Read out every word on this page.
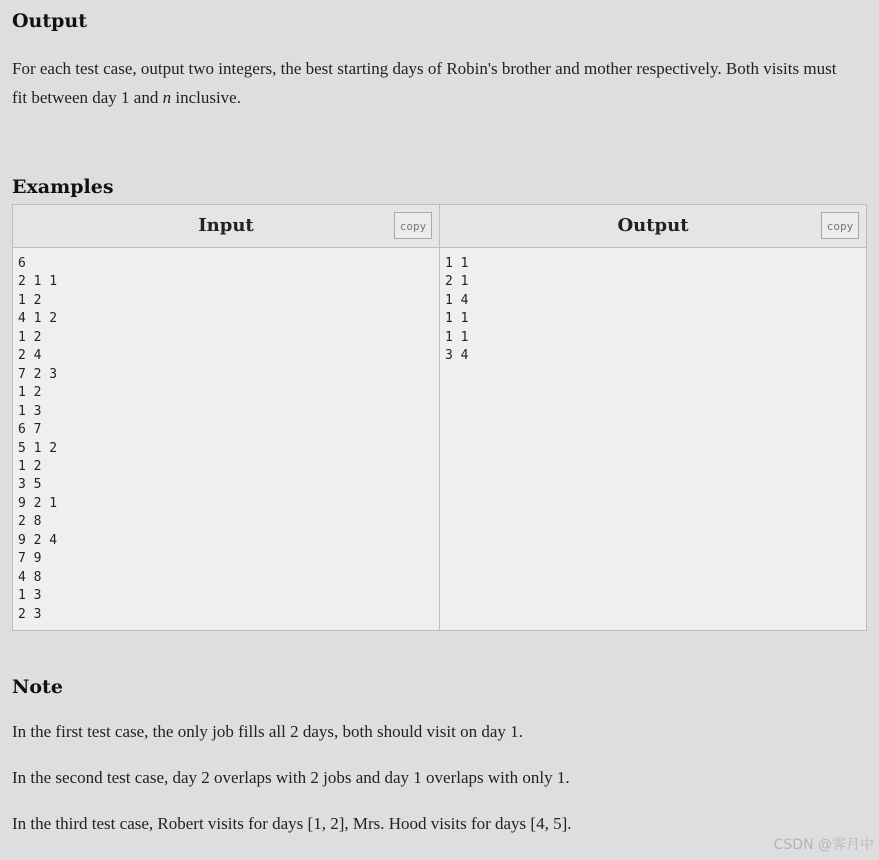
Output

For each test case, output two integers, the best starting days of Robin's brother and mother respectively. Both visits must fit between day 1 and n inclusive.

Examples
Input	copy
6
2 1 1
1 2
4 1 2
1 2
2 4
7 2 3
1 2
1 3
6 7
5 1 2
1 2
3 5
9 2 1
2 8
9 2 4
7 9
4 8
1 3
2 3
Output	copy
1 1
2 1
1 4
1 1
1 1
3 4
Note

In the first test case, the only job fills all 2 days, both should visit on day 1.

In the second test case, day 2 overlaps with 2 jobs and day 1 overlaps with only 1.

In the third test case, Robert visits for days [1, 2], Mrs. Hood visits for days [4, 5].

CSDN @霁月中
